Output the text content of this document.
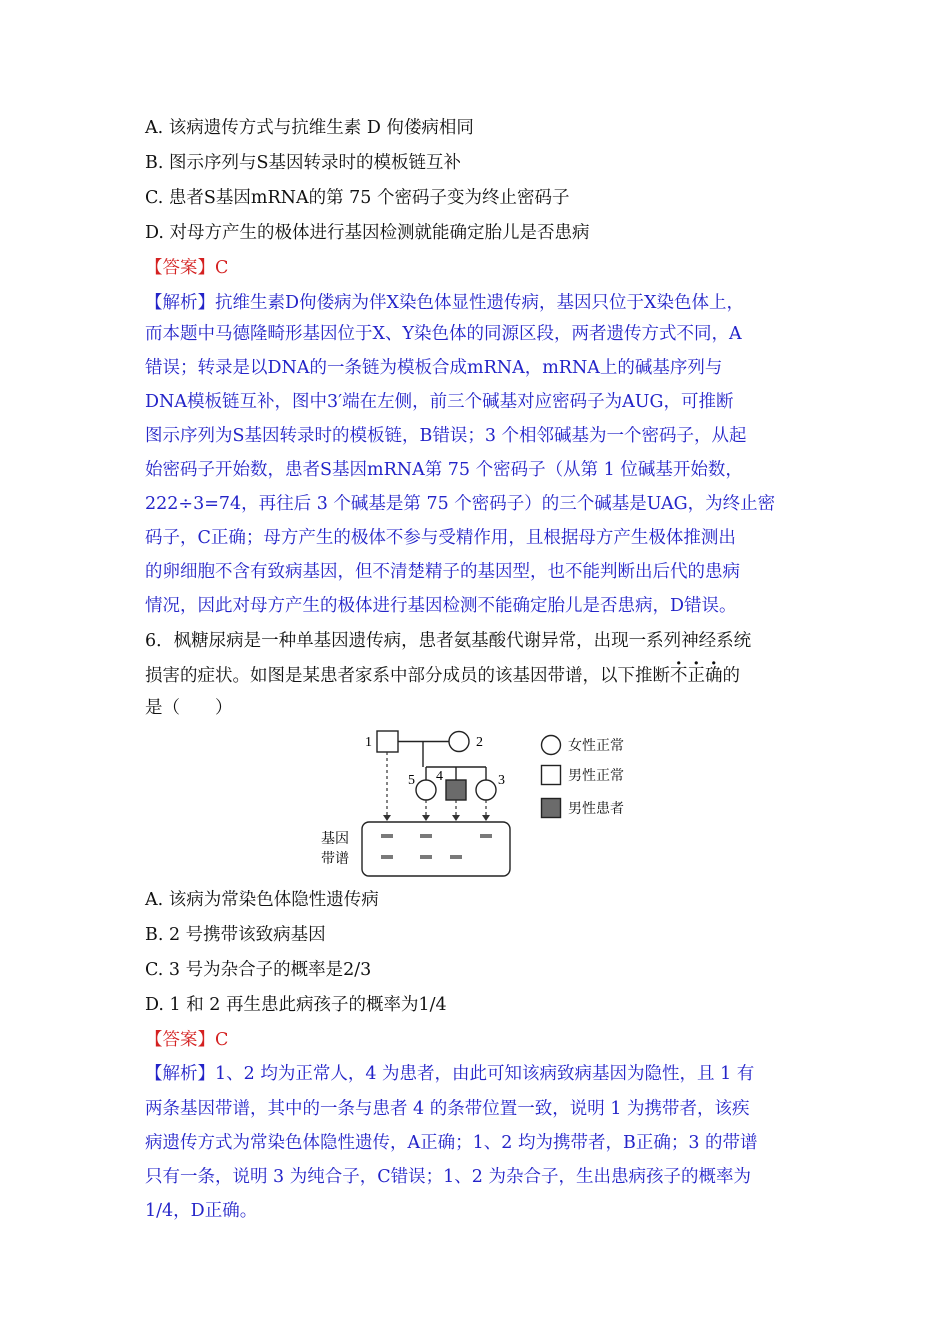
A. 该病遗传方式与抗维生素 D 佝偻病相同
B. 图示序列与S基因转录时的模板链互补
C. 患者S基因mRNA的第 75 个密码子变为终止密码子
D. 对母方产生的极体进行基因检测就能确定胎儿是否患病
【答案】C
【解析】抗维生素D佝偻病为伴X染色体显性遗传病，基因只位于X染色体上，
而本题中马德隆畸形基因位于X、Y染色体的同源区段，两者遗传方式不同，A
错误；转录是以DNA的一条链为模板合成mRNA，mRNA上的碱基序列与
DNA模板链互补，图中3′端在左侧，前三个碱基对应密码子为AUG，可推断
图示序列为S基因转录时的模板链，B错误；3 个相邻碱基为一个密码子，从起
始密码子开始数，患者S基因mRNA第 75 个密码子（从第 1 位碱基开始数，
222÷3=74，再往后 3 个碱基是第 75 个密码子）的三个碱基是UAG，为终止密
码子，C正确；母方产生的极体不参与受精作用，且根据母方产生极体推测出
的卵细胞不含有致病基因，但不清楚精子的基因型，也不能判断出后代的患病
情况，因此对母方产生的极体进行基因检测不能确定胎儿是否患病，D错误。
6．枫糖尿病是一种单基因遗传病，患者氨基酸代谢异常，出现一系列神经系统
损害的症状。如图是某患者家系中部分成员的该基因带谱，以下推断不正确的
是（　　）
1	2
5 4	3
基因
带谱
女性正常
男性正常
男性患者
A. 该病为常染色体隐性遗传病
B. 2 号携带该致病基因
C. 3 号为杂合子的概率是2/3
D. 1 和 2 再生患此病孩子的概率为1/4
【答案】C
【解析】1、2 均为正常人，4 为患者，由此可知该病致病基因为隐性，且 1 有
两条基因带谱，其中的一条与患者 4 的条带位置一致，说明 1 为携带者，该疾
病遗传方式为常染色体隐性遗传，A正确；1、2 均为携带者，B正确；3 的带谱
只有一条，说明 3 为纯合子，C错误；1、2 为杂合子，生出患病孩子的概率为
1/4，D正确。
